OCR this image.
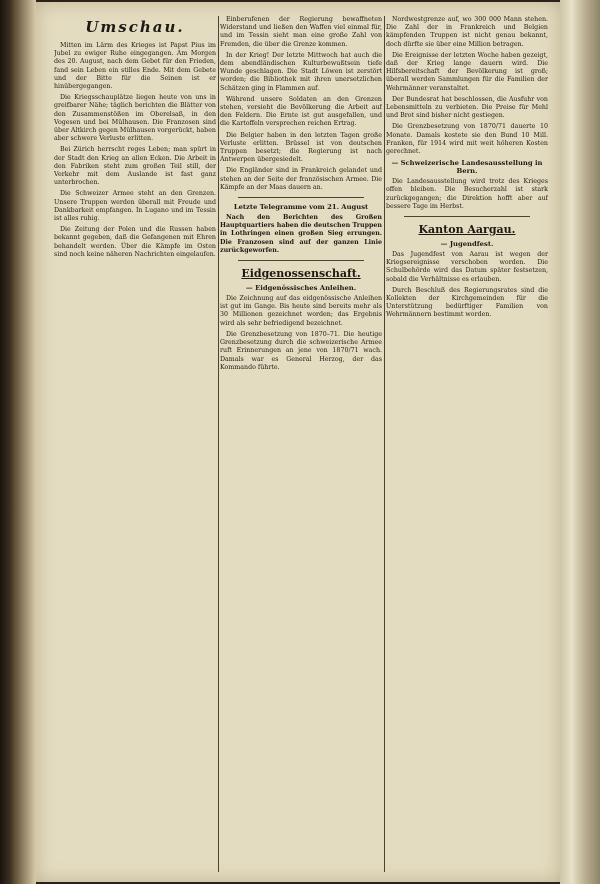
Umschau.

Mitten im Lärm des Krieges ist Papst Pius im Jubel zu ewiger Ruhe eingegangen. Am Morgen des 20. August, nach dem Gebet für den Frieden, fand sein Leben ein stilles Ende. Mit dem Gebete und der Bitte für die Seinen ist er hinübergegangen.

Die Kriegsschauplätze liegen heute von uns in greifbarer Nähe; täglich berichten die Blätter von den Zusammenstößen im Oberelsaß, in den Vogesen und bei Mülhausen. Die Franzosen sind über Altkirch gegen Mülhausen vorgerückt, haben aber schwere Verluste erlitten.

Bei Zürich herrscht reges Leben; man spürt in der Stadt den Krieg an allen Ecken. Die Arbeit in den Fabriken steht zum großen Teil still, der Verkehr mit dem Auslande ist fast ganz unterbrochen.

Die Schweizer Armee steht an den Grenzen. Unsere Truppen werden überall mit Freude und Dankbarkeit empfangen. In Lugano und im Tessin ist alles ruhig.

Die Zeitung der Polen und die Russen haben bekannt gegeben, daß die Gefangenen mit Ehren behandelt werden. Über die Kämpfe im Osten sind noch keine näheren Nachrichten eingelaufen.

Einberufenen der Regierung bewaffneten Widerstand und ließen den Waffen viel einmal für, und im Tessin sieht man eine große Zahl von Fremden, die über die Grenze kommen.

In der Krieg! Der letzte Mittwoch hat auch die dem abendländischen Kulturbewußtsein tiefe Wunde geschlagen. Die Stadt Löwen ist zerstört worden; die Bibliothek mit ihren unersetzlichen Schätzen ging in Flammen auf.

Während unsere Soldaten an den Grenzen stehen, versieht die Bevölkerung die Arbeit auf den Feldern. Die Ernte ist gut ausgefallen, und die Kartoffeln versprechen reichen Ertrag.

Die Belgier haben in den letzten Tagen große Verluste erlitten. Brüssel ist von deutschen Truppen besetzt; die Regierung ist nach Antwerpen übergesiedelt.

Die Engländer sind in Frankreich gelandet und stehen an der Seite der französischen Armee. Die Kämpfe an der Maas dauern an.

Letzte Telegramme vom 21. August

Nach den Berichten des Großen Hauptquartiers haben die deutschen Truppen in Lothringen einen großen Sieg errungen. Die Franzosen sind auf der ganzen Linie zurückgeworfen.

Eidgenossenschaft.
— Eidgenössisches Anleihen.

Die Zeichnung auf das eidgenössische Anleihen ist gut im Gange. Bis heute sind bereits mehr als 30 Millionen gezeichnet worden; das Ergebnis wird als sehr befriedigend bezeichnet.

Die Grenzbesetzung von 1870–71. Die heutige Grenzbesetzung durch die schweizerische Armee ruft Erinnerungen an jene von 1870/71 wach. Damals war es General Herzog, der das Kommando führte.

Nordwestgrenze auf, wo 300 000 Mann stehen. Die Zahl der in Frankreich und Belgien kämpfenden Truppen ist nicht genau bekannt, doch dürfte sie über eine Million betragen.

Die Ereignisse der letzten Woche haben gezeigt, daß der Krieg lange dauern wird. Die Hilfsbereitschaft der Bevölkerung ist groß; überall werden Sammlungen für die Familien der Wehrmänner veranstaltet.

Der Bundesrat hat beschlossen, die Ausfuhr von Lebensmitteln zu verbieten. Die Preise für Mehl und Brot sind bisher nicht gestiegen.

Die Grenzbesetzung von 1870/71 dauerte 10 Monate. Damals kostete sie den Bund 10 Mill. Franken, für 1914 wird mit weit höheren Kosten gerechnet.

— Schweizerische Landesausstellung in Bern.

Die Landesausstellung wird trotz des Krieges offen bleiben. Die Besucherzahl ist stark zurückgegangen; die Direktion hofft aber auf bessere Tage im Herbst.

Kanton Aargau.
— Jugendfest.

Das Jugendfest von Aarau ist wegen der Kriegsereignisse verschoben worden. Die Schulbehörde wird das Datum später festsetzen, sobald die Verhältnisse es erlauben.

Durch Beschluß des Regierungsrates sind die Kollekten der Kirchgemeinden für die Unterstützung bedürftiger Familien von Wehrmännern bestimmt worden.
